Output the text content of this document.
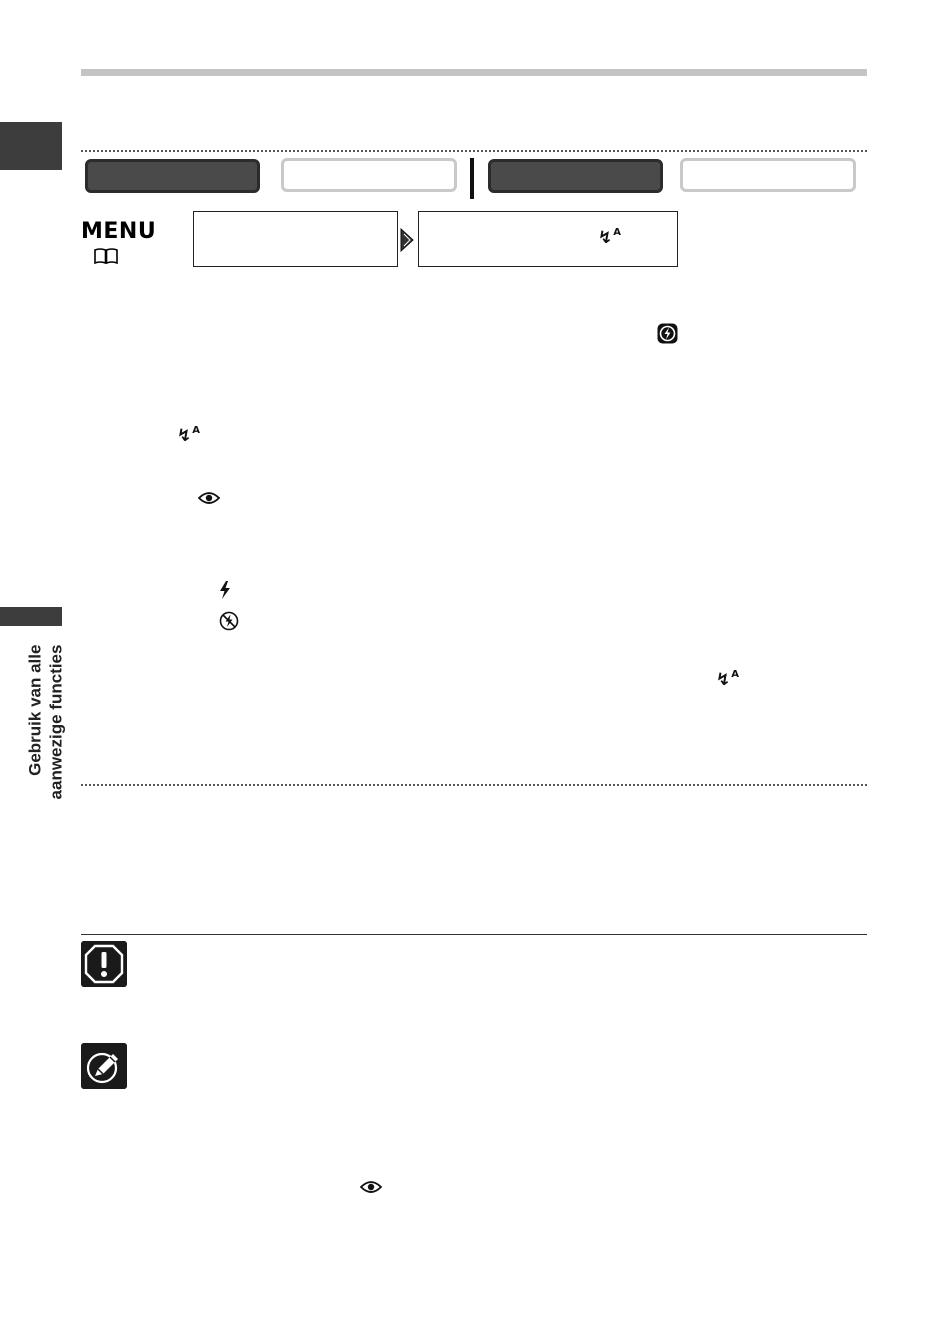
Gebruik van alle aanwezige functies
MENU	↯$^A$
↯$^A$
↯$^A$
